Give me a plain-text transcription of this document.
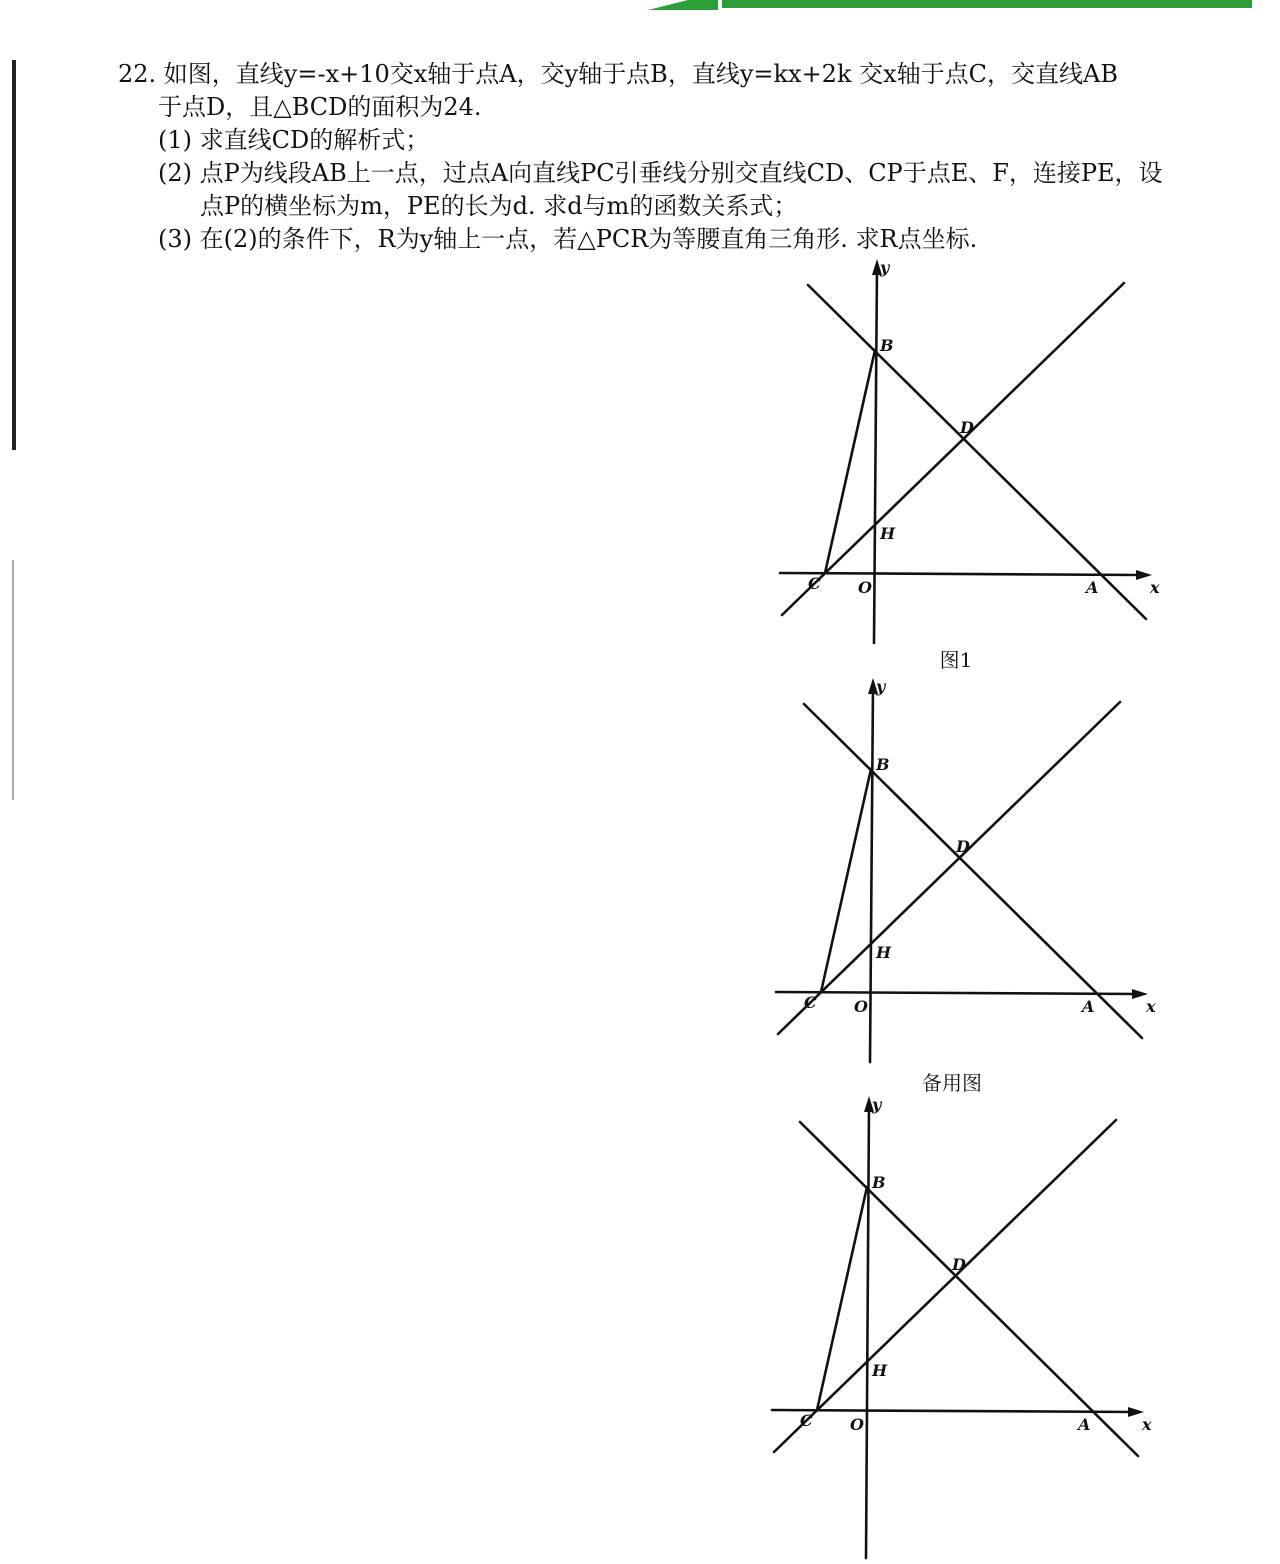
22. 如图，直线y=-x+10交x轴于点A，交y轴于点B，直线y=kx+2k 交x轴于点C，交直线AB
于点D，且△BCD的面积为24.
(1) 求直线CD的解析式；
(2) 点P为线段AB上一点，过点A向直线PC引垂线分别交直线CD、CP于点E、F，连接PE，设
点P的横坐标为m，PE的长为d. 求d与m的函数关系式；
(3) 在(2)的条件下，R为y轴上一点，若△PCR为等腰直角三角形. 求R点坐标.
y
x
B
D
H
C O	A
图1
y
x
B
D
H
C O	A
备用图
y
x
B
D
H
C O	A
